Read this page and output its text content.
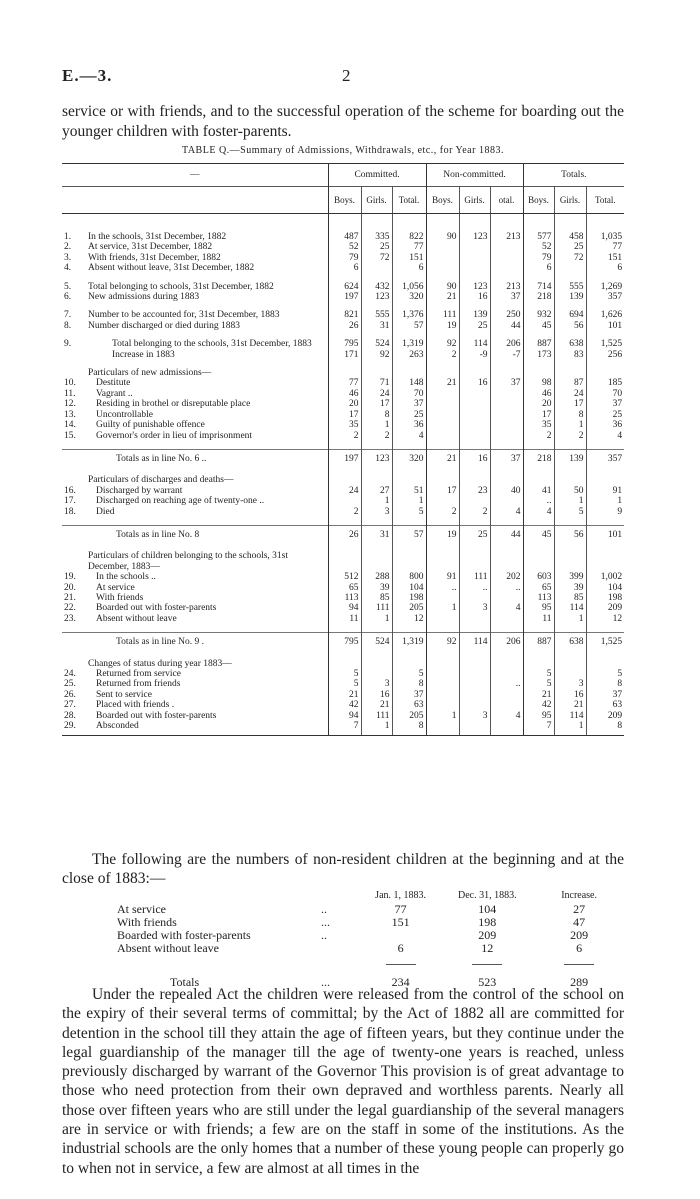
E.—3.	2
service or with friends, and to the successful operation of the scheme for boarding out the younger children with foster-parents.
TABLE Q.—Summary of Admissions, Withdrawals, etc., for Year 1883.
—		Committed.			Non-committed.			Totals.		
		Boys.	Girls.	Total.	Boys.	Girls.	otal.	Boys.	Girls.	Total.

1.	In the schools, 31st December, 1882	487	335	822	90	123	213	577	458	1,035
2.	At service, 31st December, 1882	52	25	77				52	25	77
3.	With friends, 31st December, 1882	79	72	151				79	72	151
4.	Absent without leave, 31st December, 1882	6		6				6		6

5.	Total belonging to schools, 31st December, 1882	624	432	1,056	90	123	213	714	555	1,269
6.	New admissions during 1883	197	123	320	21	16	37	218	139	357

7.	Number to be accounted for, 31st December, 1883	821	555	1,376	111	139	250	932	694	1,626
8.	Number discharged or died during 1883	26	31	57	19	25	44	45	56	101

9.	Total belonging to the schools, 31st December, 1883	795	524	1,319	92	114	206	887	638	1,525
	Increase in 1883	171	92	263	2	-9	-7	173	83	256

Particulars of new admissions—										
10.	Destitute	77	71	148	21	16	37	98	87	185
11.	Vagrant ..	46	24	70				46	24	70
12.	Residing in brothel or disreputable place	20	17	37				20	17	37
13.	Uncontrollable	17	8	25				17	8	25
14.	Guilty of punishable offence	35	1	36				35	1	36
15.	Governor's order in lieu of imprisonment	2	2	4				2	2	4

	Totals as in line No. 6 ..	197	123	320	21	16	37	218	139	357

Particulars of discharges and deaths—										
16.	Discharged by warrant	24	27	51	17	23	40	41	50	91
17.	Discharged on reaching age of twenty-one ..		1	1				..	1	1
18.	Died	2	3	5	2	2	4	4	5	9

	Totals as in line No. 8	26	31	57	19	25	44	45	56	101

Particulars of children belonging to the schools, 31st December, 1883—										
19.	In the schools ..	512	288	800	91	111	202	603	399	1,002
20.	At service	65	39	104	..	..	..	65	39	104
21.	With friends	113	85	198				113	85	198
22.	Boarded out with foster-parents	94	111	205	1	3	4	95	114	209
23.	Absent without leave	11	1	12				11	1	12

	Totals as in line No. 9 .	795	524	1,319	92	114	206	887	638	1,525

Changes of status during year 1883—										
24.	Returned from service	5		5				5		5
25.	Returned from friends	5	3	8			..	5	3	8
26.	Sent to service	21	16	37				21	16	37
27.	Placed with friends .	42	21	63				42	21	63
28.	Boarded out with foster-parents	94	111	205	1	3	4	95	114	209
29.	Absconded	7	1	8				7	1	8
The following are the numbers of non-resident children at the beginning and at the close of 1883:—
		Jan. 1, 1883.	Dec. 31, 1883.	Increase.
At service	..	77	104	27
With friends	...	151	198	47
Boarded with foster-parents	..		209	209
Absent without leave		6	12	6

Totals	...	234	523	289
Under the repealed Act the children were released from the control of the school on the expiry of their several terms of committal; by the Act of 1882 all are committed for detention in the school till they attain the age of fifteen years, but they continue under the legal guardianship of the manager till the age of twenty-one years is reached, unless previously discharged by warrant of the Governor This provision is of great advantage to those who need protection from their own depraved and worthless parents. Nearly all those over fifteen years who are still under the legal guardianship of the several managers are in service or with friends; a few are on the staff in some of the institutions. As the industrial schools are the only homes that a number of these young people can properly go to when not in service, a few are almost at all times in the
